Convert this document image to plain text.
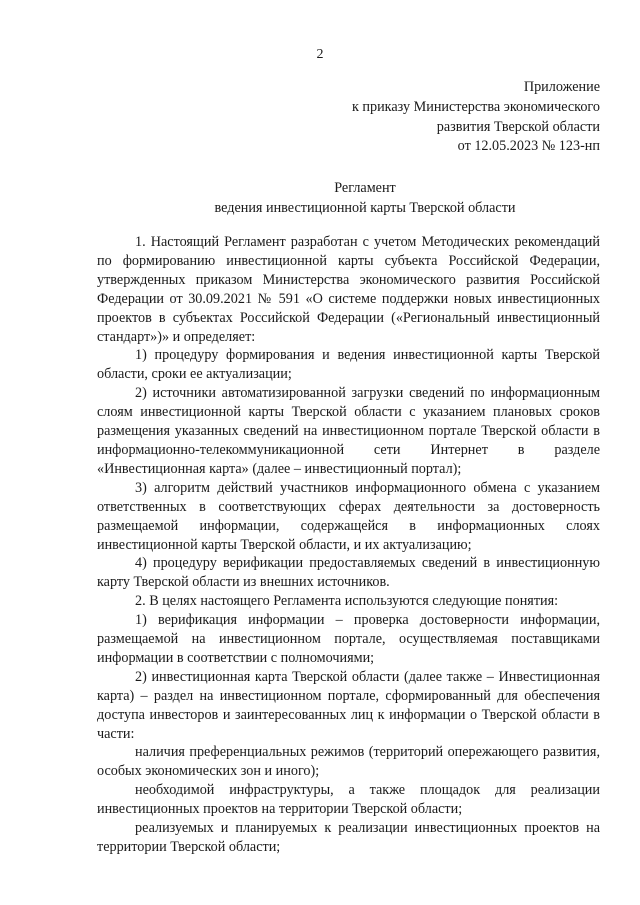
2
Приложение
к приказу Министерства экономического
развития Тверской области
от 12.05.2023 № 123-нп
Регламент
ведения инвестиционной карты Тверской области

1. Настоящий Регламент разработан с учетом Методических рекомендаций по формированию инвестиционной карты субъекта Российской Федерации, утвержденных приказом Министерства экономического развития Российской Федерации от 30.09.2021 № 591 «О системе поддержки новых инвестиционных проектов в субъектах Российской Федерации («Региональный инвестиционный стандарт»)» и определяет:

1) процедуру формирования и ведения инвестиционной карты Тверской области, сроки ее актуализации;

2) источники автоматизированной загрузки сведений по информационным слоям инвестиционной карты Тверской области с указанием плановых сроков размещения указанных сведений на инвестиционном портале Тверской области в информационно-телекоммуникационной сети Интернет в разделе «Инвестиционная карта» (далее – инвестиционный портал);

3) алгоритм действий участников информационного обмена с указанием ответственных в соответствующих сферах деятельности за достоверность размещаемой информации, содержащейся в информационных слоях инвестиционной карты Тверской области, и их актуализацию;

4) процедуру верификации предоставляемых сведений в инвестиционную карту Тверской области из внешних источников.

2. В целях настоящего Регламента используются следующие понятия:

1) верификация информации – проверка достоверности информации, размещаемой на инвестиционном портале, осуществляемая поставщиками информации в соответствии с полномочиями;

2) инвестиционная карта Тверской области (далее также – Инвестиционная карта) – раздел на инвестиционном портале, сформированный для обеспечения доступа инвесторов и заинтересованных лиц к информации о Тверской области в части:

наличия преференциальных режимов (территорий опережающего развития, особых экономических зон и иного);

необходимой инфраструктуры, а также площадок для реализации инвестиционных проектов на территории Тверской области;

реализуемых и планируемых к реализации инвестиционных проектов на территории Тверской области;
